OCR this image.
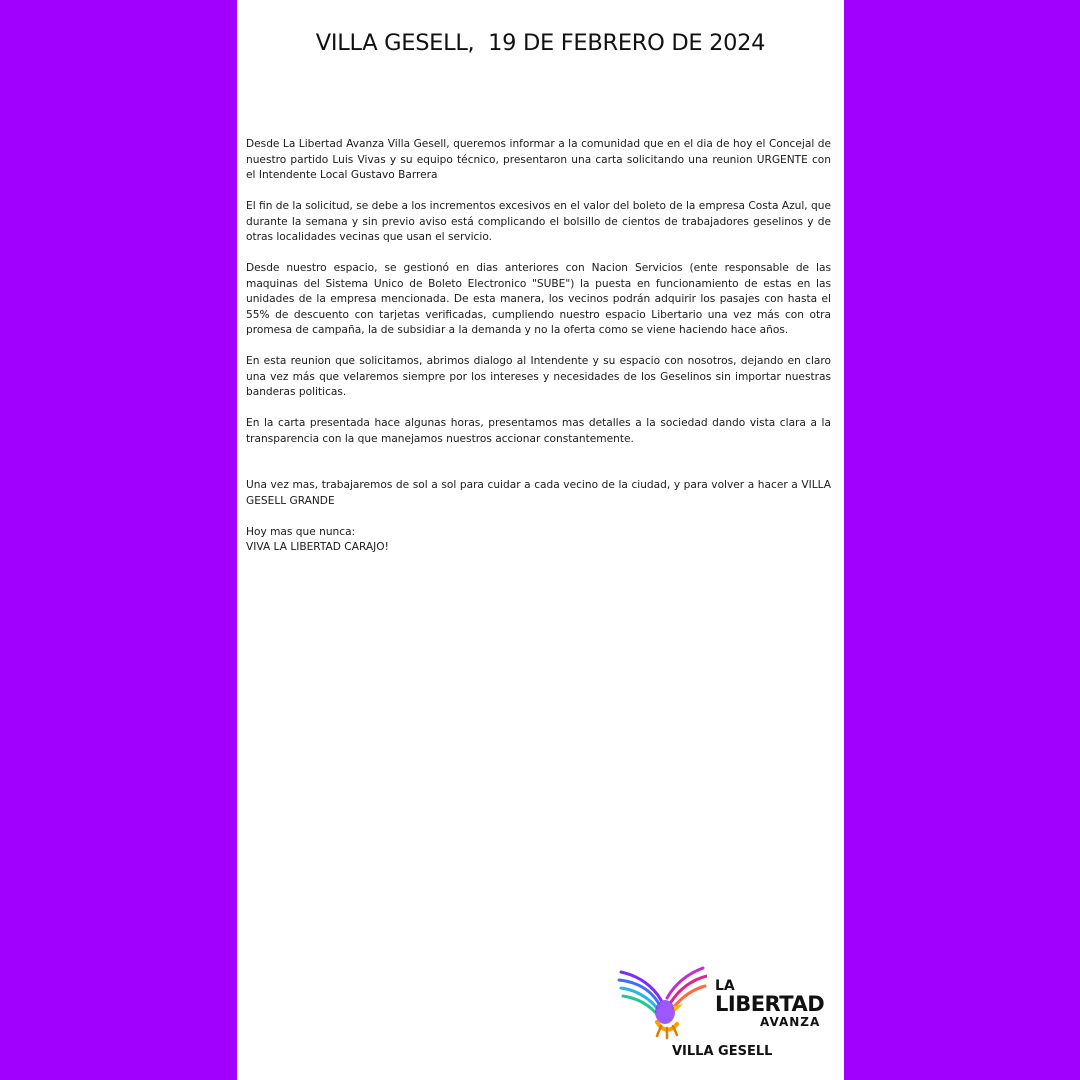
VILLA GESELL,  19 DE FEBRERO DE 2024

Desde La Libertad Avanza Villa Gesell, queremos informar a la comunidad que en el dia de hoy el Concejal de nuestro partido Luis Vivas y su equipo técnico, presentaron una carta solicitando una reunion URGENTE con el Intendente Local Gustavo Barrera

El fin de la solicitud, se debe a los incrementos excesivos en el valor del boleto de la empresa Costa Azul, que durante la semana y sin previo aviso está complicando el bolsillo de cientos de trabajadores geselinos y de otras localidades vecinas que usan el servicio.

Desde nuestro espacio, se gestionó en dias anteriores con Nacion Servicios (ente responsable de las maquinas del Sistema Unico de Boleto Electronico "SUBE") la puesta en funcionamiento de estas en las unidades de la empresa mencionada. De esta manera, los vecinos podrán adquirir los pasajes con hasta el 55% de descuento con tarjetas verificadas, cumpliendo nuestro espacio Libertario una vez más con otra promesa de campaña, la de subsidiar a la demanda y no la oferta como se viene haciendo hace años.

En esta reunion que solicitamos, abrimos dialogo al Intendente y su espacio con nosotros, dejando en claro una vez más que velaremos siempre por los intereses y necesidades de los Geselinos sin importar nuestras banderas politicas.

En la carta presentada hace algunas horas, presentamos mas detalles a la sociedad dando vista clara a la transparencia con la que manejamos nuestros accionar constantemente.

Una vez mas, trabajaremos de sol a sol para cuidar a cada vecino de la ciudad, y para volver a hacer a VILLA GESELL GRANDE

Hoy mas que nunca:
VIVA LA LIBERTAD CARAJO!

LA
LIBERTAD
AVANZA
VILLA GESELL
